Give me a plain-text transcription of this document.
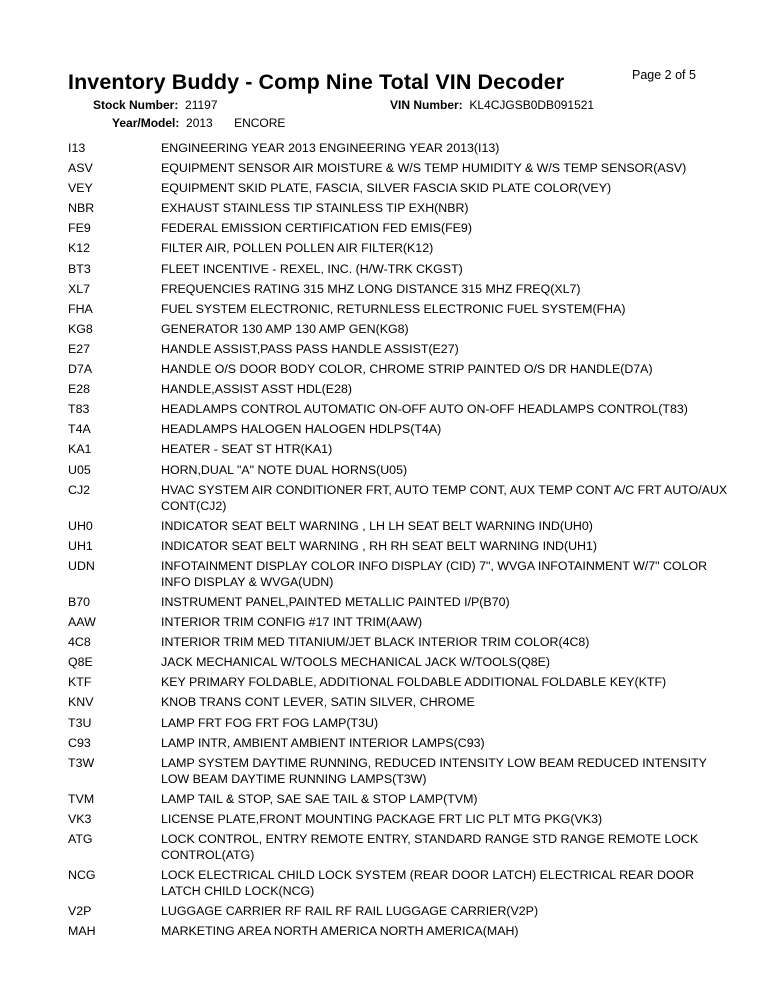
Inventory Buddy - Comp Nine Total VIN Decoder	Page 2 of 5
Stock Number: 21197	VIN Number: KL4CJGSB0DB091521
Year/Model: 2013 ENCORE
I13	ENGINEERING YEAR 2013 ENGINEERING YEAR 2013(I13)
ASV	EQUIPMENT SENSOR AIR MOISTURE & W/S TEMP HUMIDITY & W/S TEMP SENSOR(ASV)
VEY	EQUIPMENT SKID PLATE, FASCIA, SILVER FASCIA SKID PLATE COLOR(VEY)
NBR	EXHAUST STAINLESS TIP STAINLESS TIP EXH(NBR)
FE9	FEDERAL EMISSION CERTIFICATION FED EMIS(FE9)
K12	FILTER AIR, POLLEN POLLEN AIR FILTER(K12)
BT3	FLEET INCENTIVE - REXEL, INC. (H/W-TRK CKGST)
XL7	FREQUENCIES RATING 315 MHZ LONG DISTANCE 315 MHZ FREQ(XL7)
FHA	FUEL SYSTEM ELECTRONIC, RETURNLESS ELECTRONIC FUEL SYSTEM(FHA)
KG8	GENERATOR 130 AMP 130 AMP GEN(KG8)
E27	HANDLE ASSIST,PASS PASS HANDLE ASSIST(E27)
D7A	HANDLE O/S DOOR BODY COLOR, CHROME STRIP PAINTED O/S DR HANDLE(D7A)
E28	HANDLE,ASSIST ASST HDL(E28)
T83	HEADLAMPS CONTROL AUTOMATIC ON-OFF AUTO ON-OFF HEADLAMPS CONTROL(T83)
T4A	HEADLAMPS HALOGEN HALOGEN HDLPS(T4A)
KA1	HEATER - SEAT ST HTR(KA1)
U05	HORN,DUAL "A" NOTE DUAL HORNS(U05)
CJ2	HVAC SYSTEM AIR CONDITIONER FRT, AUTO TEMP CONT, AUX TEMP CONT A/C FRT AUTO/AUX CONT(CJ2)
UH0	INDICATOR SEAT BELT WARNING , LH LH SEAT BELT WARNING IND(UH0)
UH1	INDICATOR SEAT BELT WARNING , RH RH SEAT BELT WARNING IND(UH1)
UDN	INFOTAINMENT DISPLAY COLOR INFO DISPLAY (CID) 7", WVGA INFOTAINMENT W/7" COLOR INFO DISPLAY & WVGA(UDN)
B70	INSTRUMENT PANEL,PAINTED METALLIC PAINTED I/P(B70)
AAW	INTERIOR TRIM CONFIG #17 INT TRIM(AAW)
4C8	INTERIOR TRIM MED TITANIUM/JET BLACK INTERIOR TRIM COLOR(4C8)
Q8E	JACK MECHANICAL W/TOOLS MECHANICAL JACK W/TOOLS(Q8E)
KTF	KEY PRIMARY FOLDABLE, ADDITIONAL FOLDABLE ADDITIONAL FOLDABLE KEY(KTF)
KNV	KNOB TRANS CONT LEVER, SATIN SILVER, CHROME
T3U	LAMP FRT FOG FRT FOG LAMP(T3U)
C93	LAMP INTR, AMBIENT AMBIENT INTERIOR LAMPS(C93)
T3W	LAMP SYSTEM DAYTIME RUNNING, REDUCED INTENSITY LOW BEAM REDUCED INTENSITY LOW BEAM DAYTIME RUNNING LAMPS(T3W)
TVM	LAMP TAIL & STOP, SAE SAE TAIL & STOP LAMP(TVM)
VK3	LICENSE PLATE,FRONT MOUNTING PACKAGE FRT LIC PLT MTG PKG(VK3)
ATG	LOCK CONTROL, ENTRY REMOTE ENTRY, STANDARD RANGE STD RANGE REMOTE LOCK CONTROL(ATG)
NCG	LOCK ELECTRICAL CHILD LOCK SYSTEM (REAR DOOR LATCH) ELECTRICAL REAR DOOR LATCH CHILD LOCK(NCG)
V2P	LUGGAGE CARRIER RF RAIL RF RAIL LUGGAGE CARRIER(V2P)
MAH	MARKETING AREA NORTH AMERICA NORTH AMERICA(MAH)
